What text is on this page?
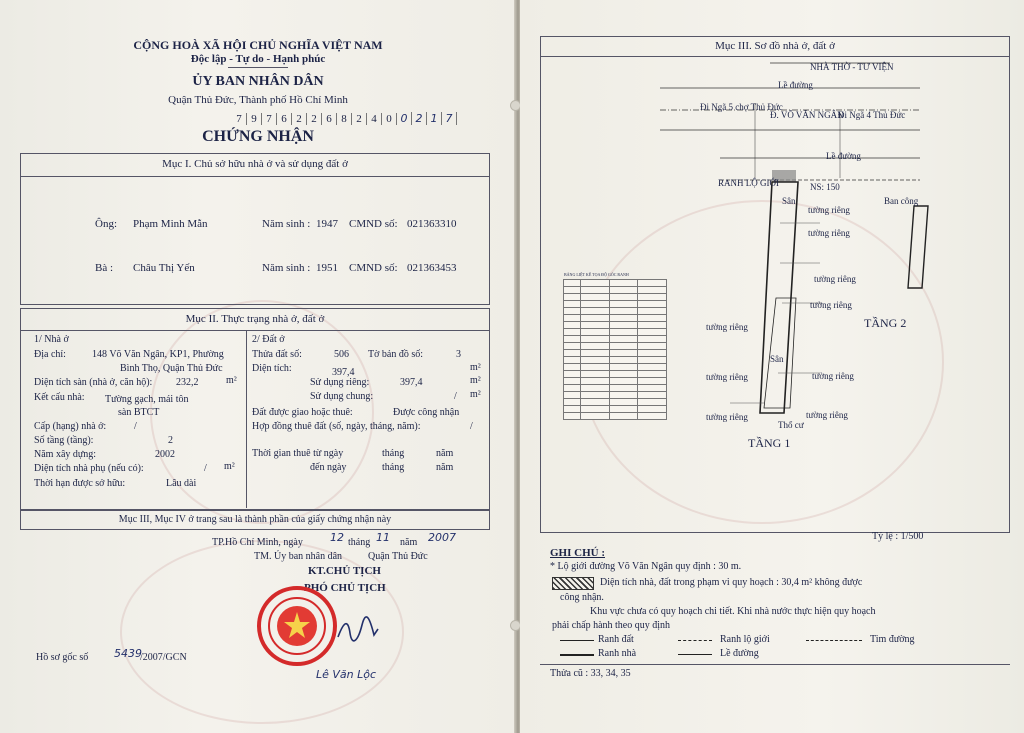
CỘNG HOÀ XÃ HỘI CHỦ NGHĨA VIỆT NAM
Độc lập - Tự do - Hạnh phúc
ỦY BAN NHÂN DÂN
Quận Thủ Đức, Thành phố Hồ Chí Minh
7 9 7 6 2 2 6 8 2 4 0 0 2 1 7
CHỨNG NHẬN
Mục I. Chủ sở hữu nhà ở và sử dụng đất ở
Ông: Phạm Minh Mẫn	Năm sinh : 1947 CMND số: 021363310
Bà : Châu Thị Yến	Năm sinh : 1951 CMND số: 021363453
Mục II. Thực trạng nhà ở, đất ở
1/ Nhà ở
Địa chỉ:	148 Võ Văn Ngân, KP1, Phường
Bình Thọ, Quận Thủ Đức
Diện tích sàn (nhà ở, căn hộ): 232,2	m²
Kết cấu nhà: Tường gạch, mái tôn
sàn BTCT
Cấp (hạng) nhà ở:	/
Số tầng (tầng):	2
Năm xây dựng:	2002
Diện tích nhà phụ (nếu có):	/ m²
Thời hạn được sở hữu:	Lâu dài
2/ Đất ở
Thửa đất số:	506 Tờ bản đồ số:	3
Diện tích:	397,4	m²
Sử dụng riêng:	397,4	m²
Sử dụng chung:	/ m²
Đất được giao hoặc thuê:	Được công nhận
Hợp đồng thuê đất (số, ngày, tháng, năm):	/
Thời gian thuê từ ngày	tháng	năm
đến ngày	tháng	năm
Mục III, Mục IV ở trang sau là thành phần của giấy chứng nhận này
TP.Hồ Chí Minh, ngày 12 tháng 11 năm 2007
TM. Ủy ban nhân dân	Quận Thủ Đức
KT.CHỦ TỊCH
PHÓ CHỦ TỊCH
Lê Văn Lộc
Hồ sơ gốc số 5439
/2007/GCN
Mục III. Sơ đồ nhà ở, đất ở
NHÀ THỜ - TƯ VIỆN
Lề đường
Đi Ngã 5 chợ Thủ Đức
Đ. VÕ VĂN NGÂN
Đi Ngã 4 Thủ Đức
Lề đường
RANH LỘ GIỚI	NS: 150
Sân
tường riêng
tường riêng
Ban công
tường riêng
tường riêng
TẦNG 2
tường riêng
Sân
tường riêng
tường riêng
tường riêng	tường riêng
Thổ cư
TẦNG 1
BẢNG LIỆT KÊ TỌA ĐỘ GÓC RANH

Tỷ lệ : 1/500
GHI CHÚ :
* Lộ giới đường Võ Văn Ngân quy định : 30 m.
Diện tích nhà, đất trong phạm vi quy hoạch : 30,4 m² không được
công nhận.
Khu vực chưa có quy hoạch chi tiết. Khi nhà nước thực hiện quy hoạch
phải chấp hành theo quy định
Ranh đất	Ranh lộ giới	Tim đường
Ranh nhà	Lề đường
Thửa cũ : 33, 34, 35
